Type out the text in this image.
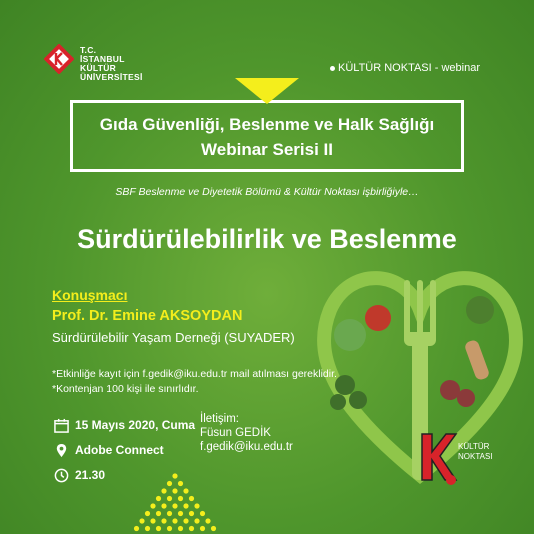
T.C.
İSTANBUL
KÜLTÜR
ÜNİVERSİTESİ
KÜLTÜR NOKTASI - webinar
Gıda Güvenliği, Beslenme ve Halk Sağlığı
Webinar Serisi II
SBF Beslenme ve Diyetetik Bölümü & Kültür Noktası işbirliğiyle…
Sürdürülebilirlik ve Beslenme
Konuşmacı
Prof. Dr. Emine AKSOYDAN
Sürdürülebilir Yaşam Derneği (SUYADER)
*Etkinliğe kayıt için f.gedik@iku.edu.tr mail atılması gereklidir.
*Kontenjan 100 kişi ile sınırlıdır.
15 Mayıs 2020, Cuma
Adobe Connect
21.30
İletişim:
Füsun GEDİK
f.gedik@iku.edu.tr	KÜLTÜR
NOKTASI
